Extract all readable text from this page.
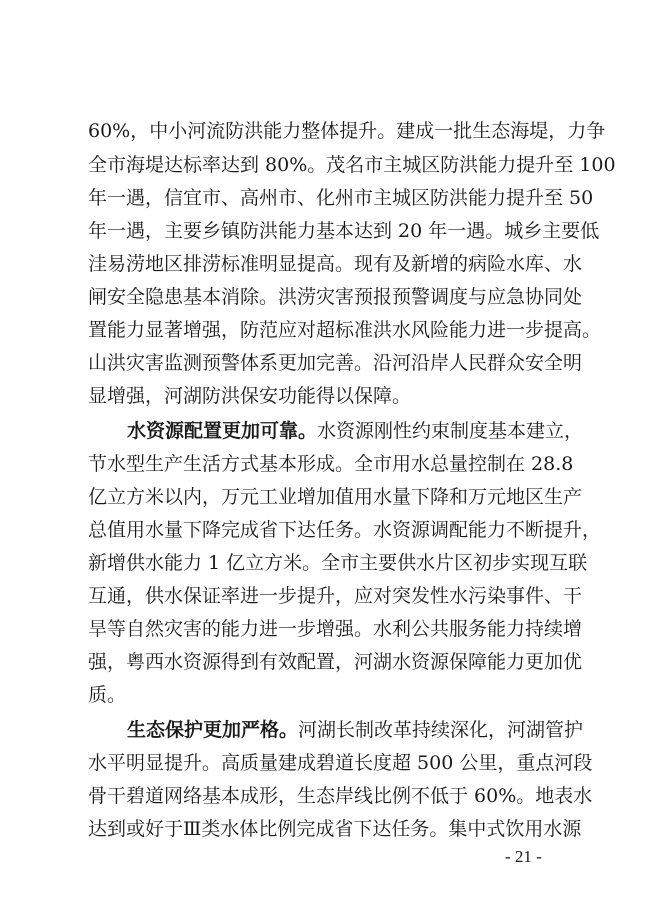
60%，中小河流防洪能力整体提升。建成一批生态海堤，力争
全市海堤达标率达到 80%。茂名市主城区防洪能力提升至 100
年一遇，信宜市、高州市、化州市主城区防洪能力提升至 50
年一遇，主要乡镇防洪能力基本达到 20 年一遇。城乡主要低
洼易涝地区排涝标准明显提高。现有及新增的病险水库、水
闸安全隐患基本消除。洪涝灾害预报预警调度与应急协同处
置能力显著增强，防范应对超标准洪水风险能力进一步提高。
山洪灾害监测预警体系更加完善。沿河沿岸人民群众安全明
显增强，河湖防洪保安功能得以保障。
水资源配置更加可靠。水资源刚性约束制度基本建立，
节水型生产生活方式基本形成。全市用水总量控制在 28.8
亿立方米以内，万元工业增加值用水量下降和万元地区生产
总值用水量下降完成省下达任务。水资源调配能力不断提升，
新增供水能力 1 亿立方米。全市主要供水片区初步实现互联
互通，供水保证率进一步提升，应对突发性水污染事件、干
旱等自然灾害的能力进一步增强。水利公共服务能力持续增
强，粤西水资源得到有效配置，河湖水资源保障能力更加优
质。
生态保护更加严格。河湖长制改革持续深化，河湖管护
水平明显提升。高质量建成碧道长度超 500 公里，重点河段
骨干碧道网络基本成形，生态岸线比例不低于 60%。地表水
达到或好于Ⅲ类水体比例完成省下达任务。集中式饮用水源
- 21 -
